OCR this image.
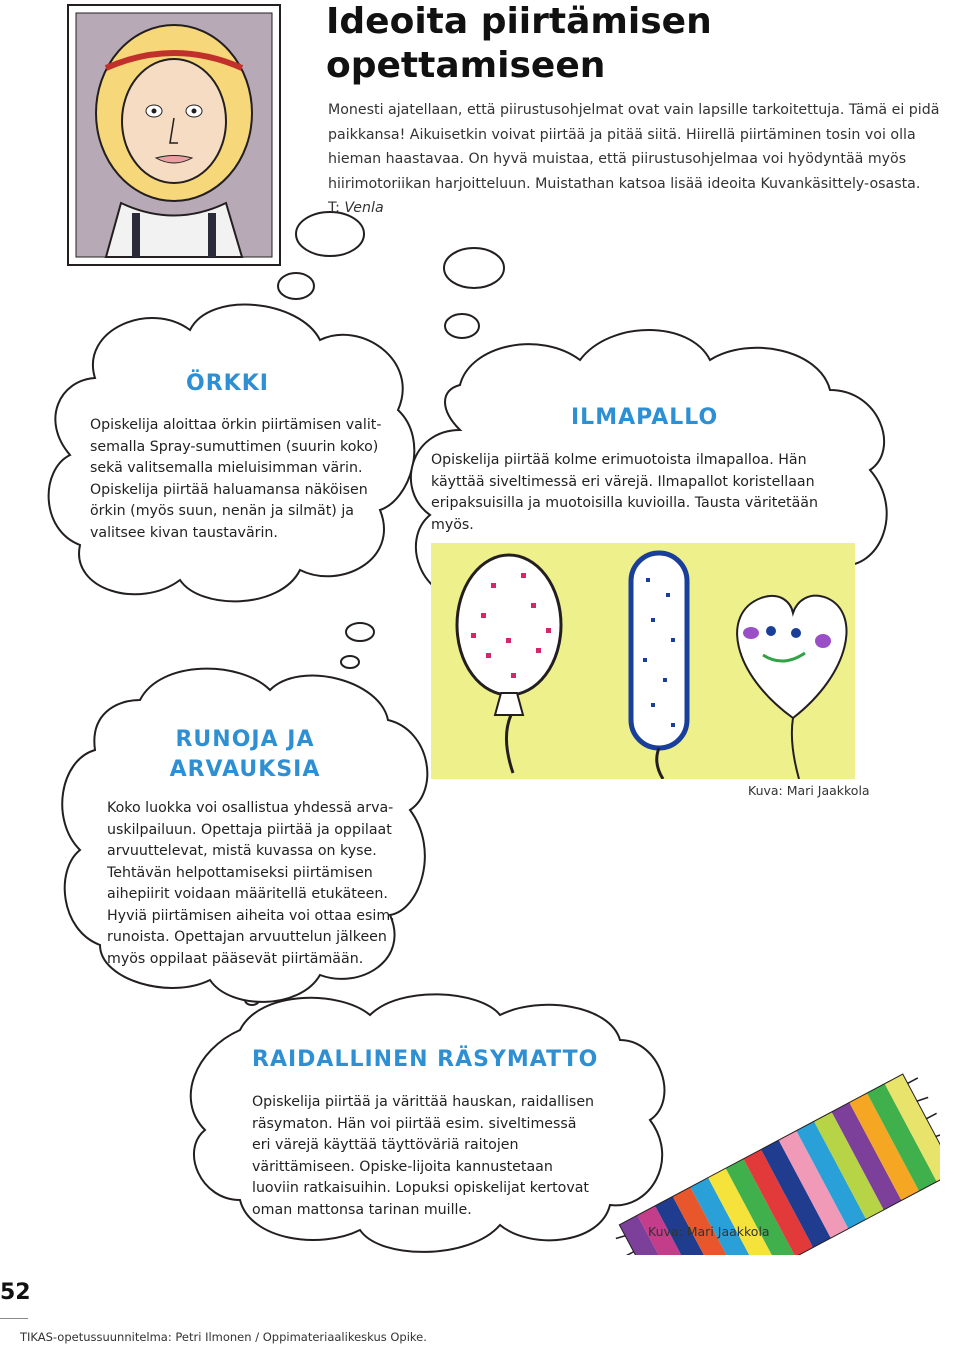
Ideoita piirtämisen
opettamiseen
Monesti ajatellaan, että piirustusohjelmat ovat vain lapsille tarkoitettuja. Tämä ei pidä paikkansa! Aikuisetkin voivat piirtää ja pitää siitä. Hiirellä piirtäminen tosin voi olla hieman haastavaa. On hyvä muistaa, että piirustusohjelmaa voi hyödyntää myös hiirimotoriikan harjoitteluun. Muistathan katsoa lisää ideoita Kuvankäsittely-osasta.
T: Venla
ÖRKKI
Opiskelija aloittaa örkin piirtämisen valit-semalla Spray-sumuttimen (suurin koko) sekä valitsemalla mieluisimman värin. Opiskelija piirtää haluamansa näköisen örkin (myös suun, nenän ja silmät) ja valitsee kivan taustavärin.
ILMAPALLO
Opiskelija piirtää kolme erimuotoista ilmapalloa. Hän käyttää siveltimessä eri värejä. Ilmapallot koristellaan eripaksuisilla ja muotoisilla kuvioilla. Tausta väritetään myös.
Kuva: Mari Jaakkola
RUNOJA JA
ARVAUKSIA
Koko luokka voi osallistua yhdessä arva-uskilpailuun. Opettaja piirtää ja oppilaat arvuuttelevat, mistä kuvassa on kyse. Tehtävän helpottamiseksi piirtämisen aihepiirit voidaan määritellä etukäteen. Hyviä piirtämisen aiheita voi ottaa esim. runoista. Opettajan arvuuttelun jälkeen myös oppilaat pääsevät piirtämään.
RAIDALLINEN RÄSYMATTO
Opiskelija piirtää ja värittää hauskan, raidallisen räsymaton. Hän voi piirtää esim. siveltimessä eri värejä käyttää täyttöväriä raitojen värittämiseen. Opiske-lijoita kannustetaan luoviin ratkaisuihin. Lopuksi opiskelijat kertovat oman mattonsa tarinan muille.
Kuva: Mari Jaakkola
52
TIKAS-opetussuunnitelma: Petri Ilmonen / Oppimateriaalikeskus Opike.
